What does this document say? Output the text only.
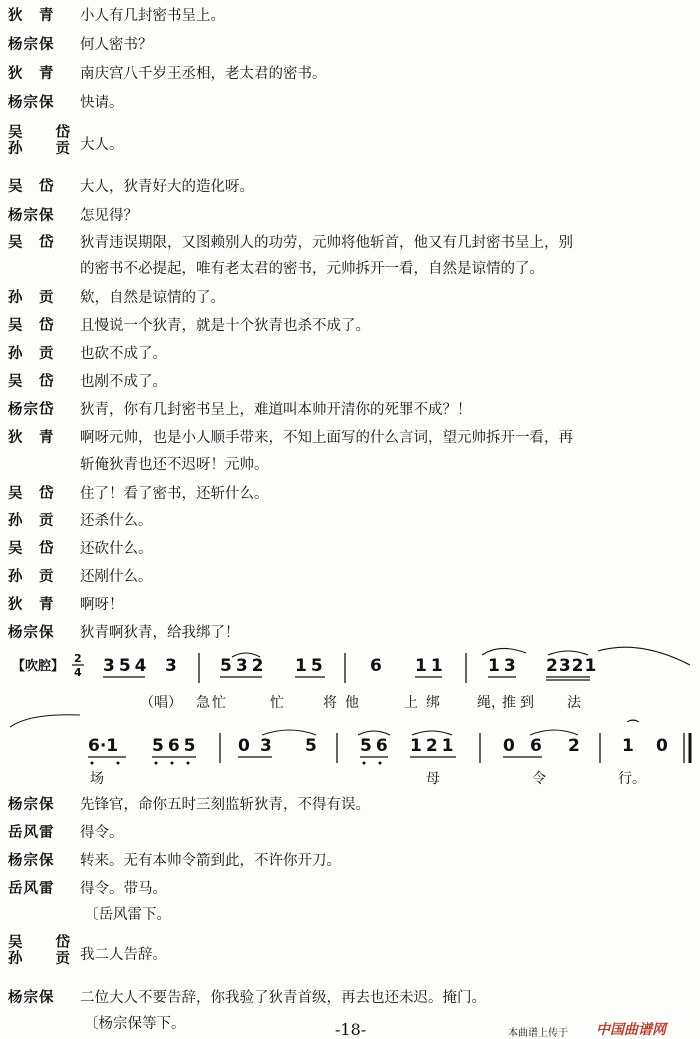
狄　青 小人有几封密书呈上。
杨宗保 何人密书？
狄　青 南庆宫八千岁王丞相，老太君的密书。
杨宗保 快请。
吴 岱
孙 贡
大人。
吴　岱 大人，狄青好大的造化呀。
杨宗保 怎见得？
吴　岱 狄青违误期限，又图赖别人的功劳，元帅将他斩首，他又有几封密书呈上，别
的密书不必提起，唯有老太君的密书，元帅拆开一看，自然是谅情的了。
孙　贡 欸，自然是谅情的了。
吴　岱 且慢说一个狄青，就是十个狄青也杀不成了。
孙　贡 也砍不成了。
吴　岱 也剐不成了。
杨宗岱 狄青，你有几封密书呈上，难道叫本帅开清你的死罪不成？！
狄　青 啊呀元帅，也是小人顺手带来，不知上面写的什么言词，望元帅拆开一看，再
斩俺狄青也还不迟呀！元帅。
吴　岱 住了！看了密书，还斩什么。
孙　贡 还杀什么。
吴　岱 还砍什么。
孙　贡 还剐什么。
狄　青 啊呀！
杨宗保 狄青啊狄青，给我绑了！
【吹腔】
2
4 354 3	532 15	6 11 13 2321
（唱） 急忙	忙	将他	上绑 绳，
推到 法
6·1 565 0 3 5	56 121	0 6 2 1
⌒
0
场	母	令	行。
杨宗保 先锋官，命你五时三刻监斩狄青，不得有误。
岳风雷 得令。
杨宗保 转来。无有本帅令箭到此，不许你开刀。
岳风雷 得令。带马。
〔岳风雷下。
吴 岱
孙 贡
我二人告辞。
杨宗保 二位大人不要告辞，你我验了狄青首级，再去也还未迟。掩门。
〔杨宗保等下。	-18-	本曲谱上传于 中国曲谱网
